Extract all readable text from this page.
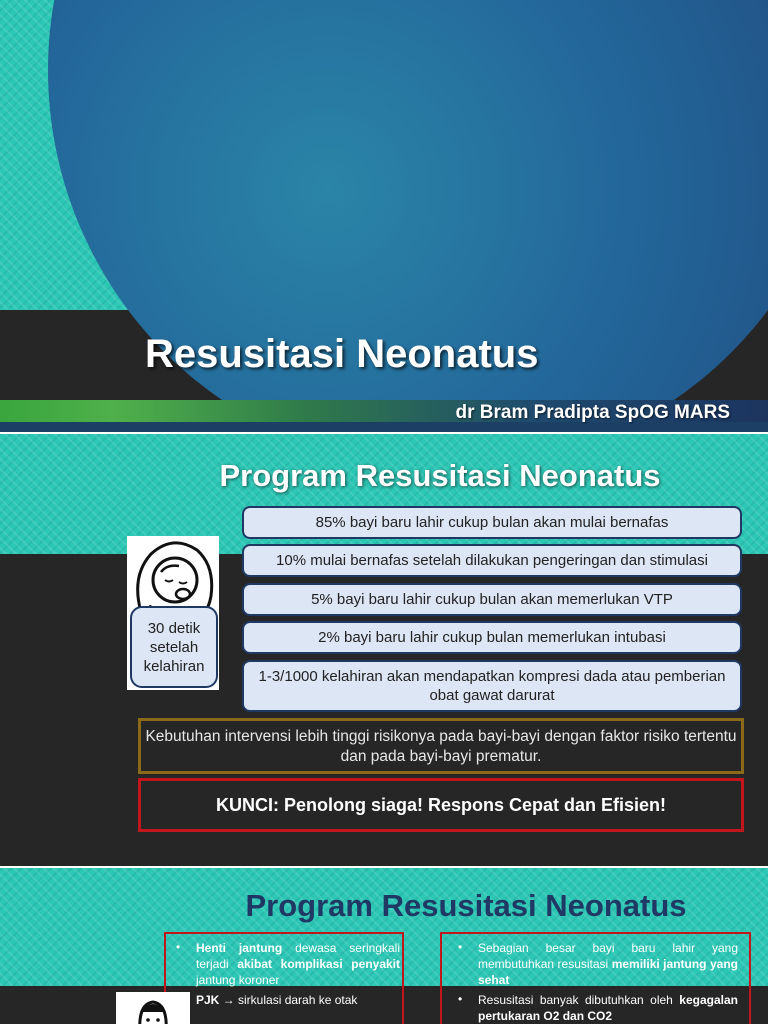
Resusitasi Neonatus
dr Bram Pradipta SpOG MARS
Program Resusitasi Neonatus
30 detik setelah kelahiran
85% bayi baru lahir cukup bulan akan mulai bernafas
10% mulai bernafas setelah dilakukan pengeringan dan stimulasi
5% bayi baru lahir cukup bulan akan memerlukan VTP
2% bayi baru lahir cukup bulan memerlukan intubasi
1-3/1000 kelahiran akan mendapatkan kompresi dada atau pemberian obat gawat darurat
Kebutuhan intervensi lebih tinggi risikonya pada bayi-bayi dengan faktor risiko tertentu dan pada bayi-bayi prematur.
KUNCI: Penolong siaga! Respons Cepat dan Efisien!
Program Resusitasi Neonatus
• Henti jantung dewasa seringkali terjadi akibat komplikasi penyakit jantung koroner
PJK → sirkulasi darah ke otak
• Sebagian besar bayi baru lahir yang membutuhkan resusitasi memiliki jantung yang sehat
• Resusitasi banyak dibutuhkan oleh kegagalan pertukaran O2 dan CO2
